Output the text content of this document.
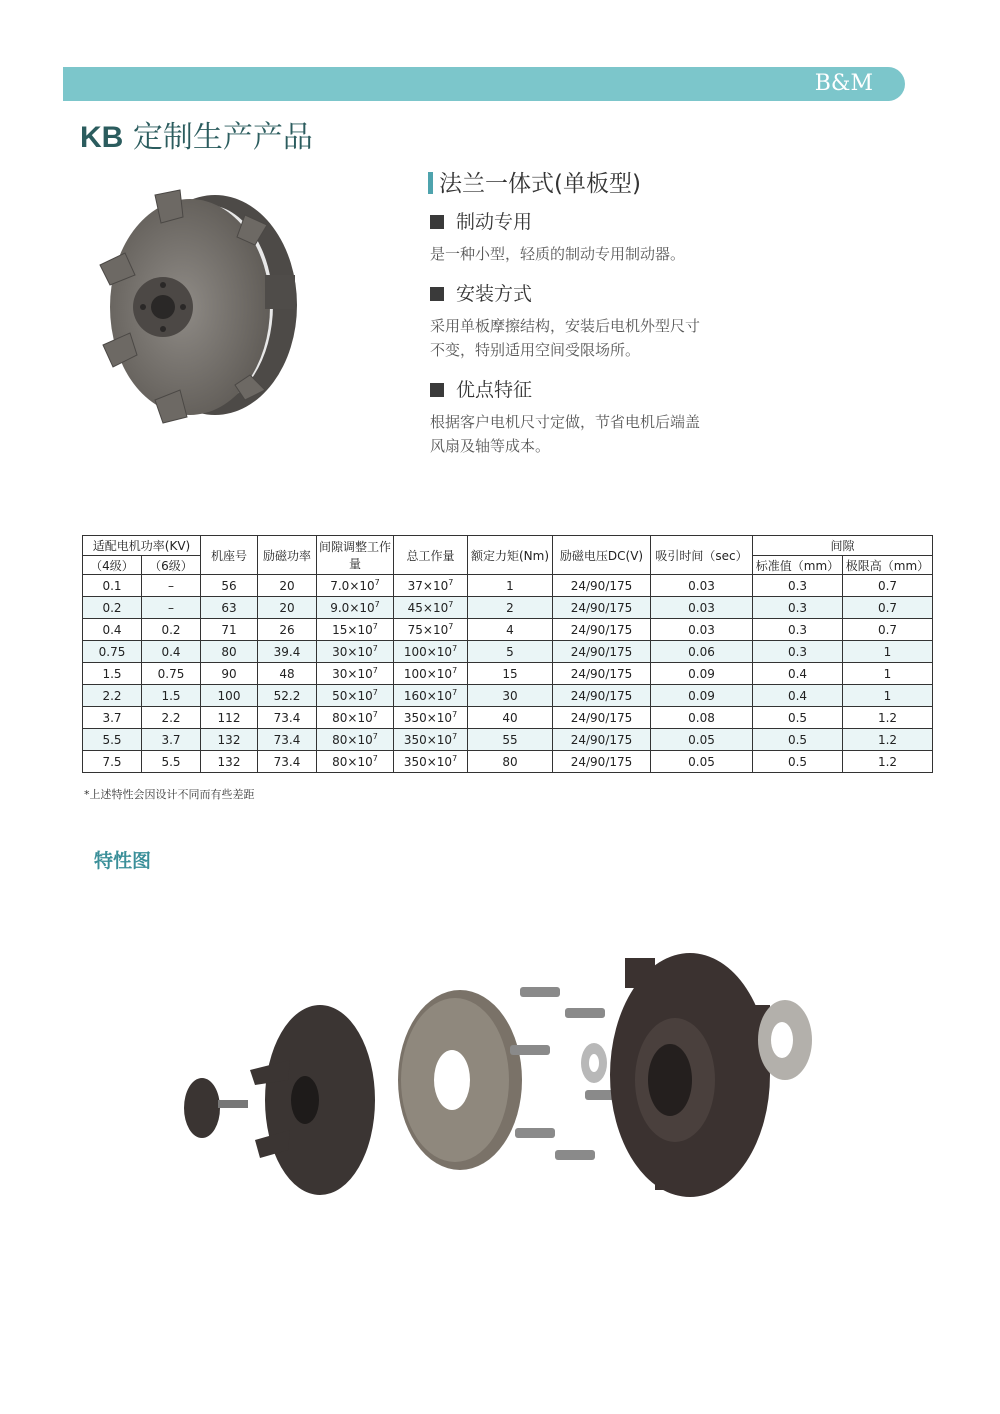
B&M
KB 定制生产产品
法兰一体式(单板型)
制动专用
是一种小型，轻质的制动专用制动器。
安装方式
采用单板摩擦结构，安装后电机外型尺寸
不变，特别适用空间受限场所。
优点特征
根据客户电机尺寸定做，节省电机后端盖
风扇及轴等成本。
适配电机功率(KV)		机座号	励磁功率	间隙调整工作量	总工作量	额定力矩(Nm)	励磁电压DC(V)	吸引时间（sec）	间隙	
（4级）	（6级）								标准值（mm）	极限高（mm）
0.1	–	56	20	$7.0\times 10^7$	$37\times 10^7$	1	24/90/175	0.03	0.3	0.7
0.2	–	63	20	$9.0\times 10^7$	$45\times 10^7$	2	24/90/175	0.03	0.3	0.7
0.4	0.2	71	26	$15\times 10^7$	$75\times 10^7$	4	24/90/175	0.03	0.3	0.7
0.75	0.4	80	39.4	$30\times 10^7$	$100\times 10^7$	5	24/90/175	0.06	0.3	1
1.5	0.75	90	48	$30\times 10^7$	$100\times 10^7$	15	24/90/175	0.09	0.4	1
2.2	1.5	100	52.2	$50\times 10^7$	$160\times 10^7$	30	24/90/175	0.09	0.4	1
3.7	2.2	112	73.4	$80\times 10^7$	$350\times 10^7$	40	24/90/175	0.08	0.5	1.2
5.5	3.7	132	73.4	$80\times 10^7$	$350\times 10^7$	55	24/90/175	0.05	0.5	1.2
7.5	5.5	132	73.4	$80\times 10^7$	$350\times 10^7$	80	24/90/175	0.05	0.5	1.2
*上述特性会因设计不同而有些差距
特性图
